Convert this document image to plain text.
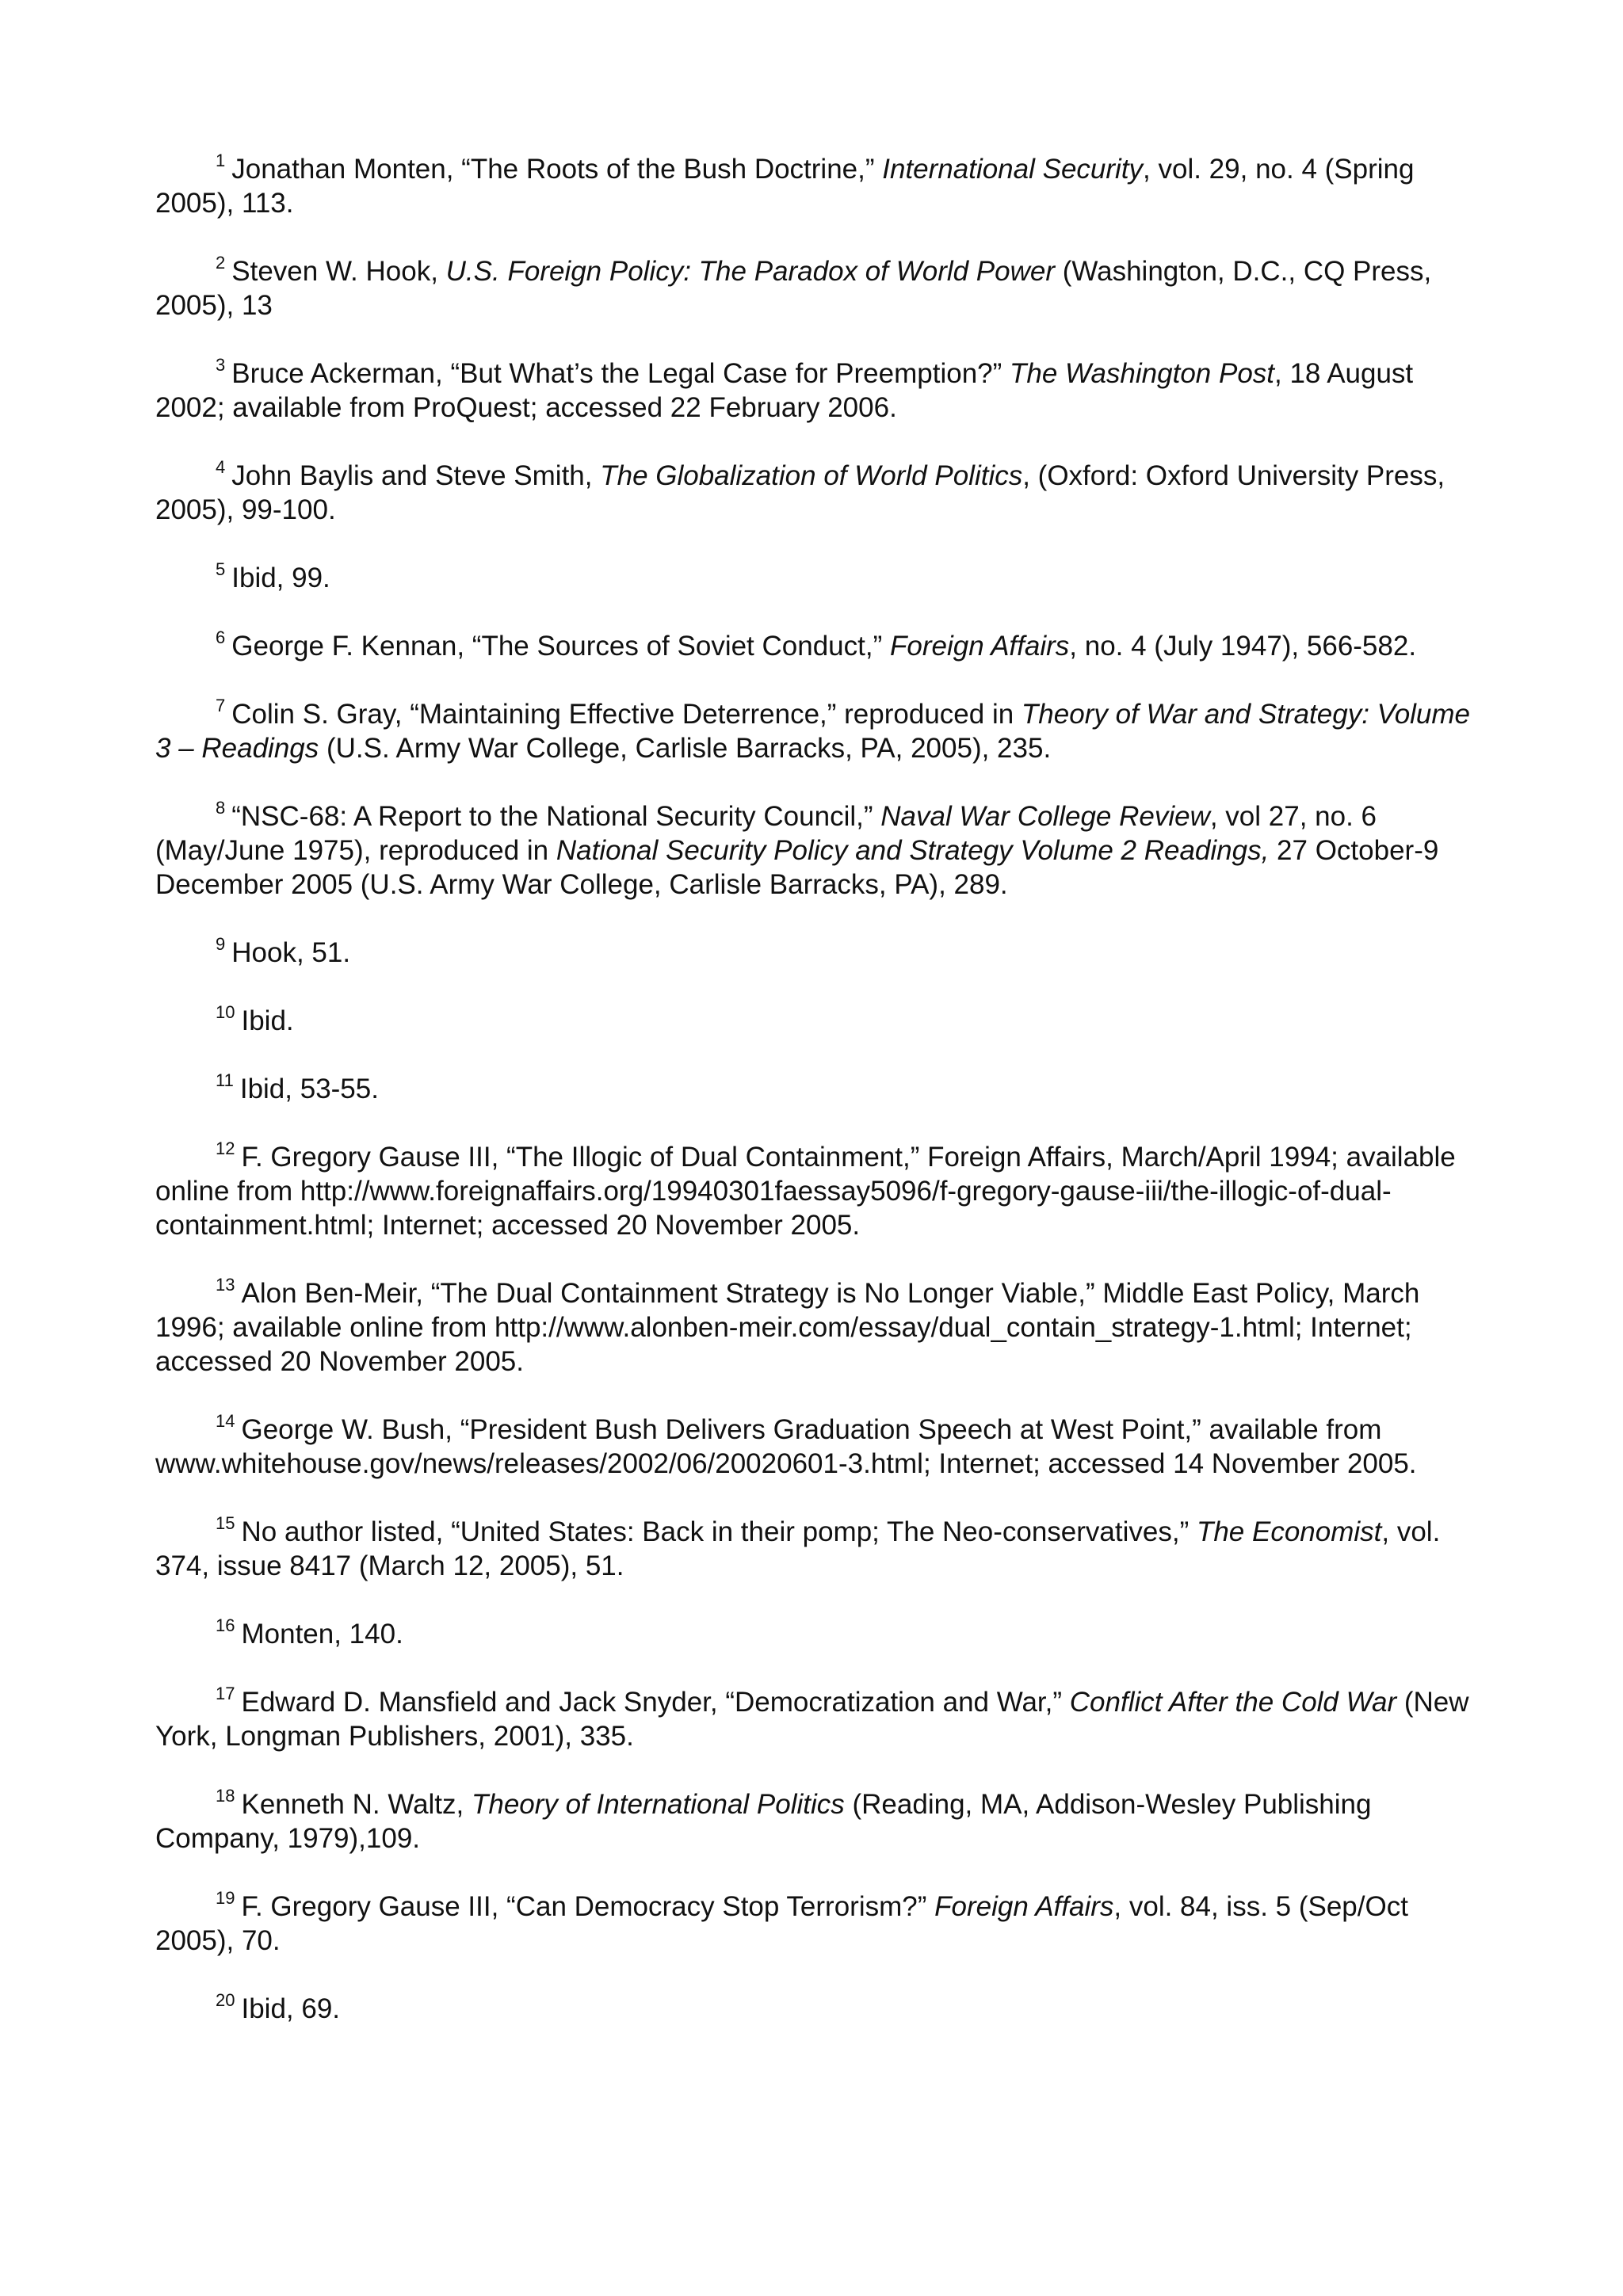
$^1$ Jonathan Monten, “The Roots of the Bush Doctrine,” International Security, vol. 29, no. 4 (Spring 2005), 113.

$^2$ Steven W. Hook, U.S. Foreign Policy: The Paradox of World Power (Washington, D.C., CQ Press, 2005), 13

$^3$ Bruce Ackerman, “But What’s the Legal Case for Preemption?” The Washington Post, 18 August 2002; available from ProQuest; accessed 22 February 2006.

$^4$ John Baylis and Steve Smith, The Globalization of World Politics, (Oxford: Oxford University Press, 2005), 99-100.

$^5$ Ibid, 99.

$^6$ George F. Kennan, “The Sources of Soviet Conduct,” Foreign Affairs, no. 4 (July 1947), 566-582.

$^7$ Colin S. Gray, “Maintaining Effective Deterrence,” reproduced in Theory of War and Strategy: Volume 3 – Readings (U.S. Army War College, Carlisle Barracks, PA, 2005), 235.

$^8$ “NSC-68: A Report to the National Security Council,” Naval War College Review, vol 27, no. 6 (May/June 1975), reproduced in National Security Policy and Strategy Volume 2 Readings, 27 October-9 December 2005 (U.S. Army War College, Carlisle Barracks, PA), 289.

$^9$ Hook, 51.

$^{10}$ Ibid.

$^{11}$ Ibid, 53-55.

$^{12}$ F. Gregory Gause III, “The Illogic of Dual Containment,” Foreign Affairs, March/April 1994; available online from http://www.foreignaffairs.org/19940301faessay5096/f-gregory-gause-iii/the-illogic-of-dual-containment.html; Internet; accessed 20 November 2005.

$^{13}$ Alon Ben-Meir, “The Dual Containment Strategy is No Longer Viable,” Middle East Policy, March 1996; available online from http://www.alonben-meir.com/essay/dual_contain_strategy-1.html; Internet; accessed 20 November 2005.

$^{14}$ George W. Bush, “President Bush Delivers Graduation Speech at West Point,” available from www.whitehouse.gov/news/releases/2002/06/20020601-3.html; Internet; accessed 14 November 2005.

$^{15}$ No author listed, “United States: Back in their pomp; The Neo-conservatives,” The Economist, vol. 374, issue 8417 (March 12, 2005), 51.

$^{16}$ Monten, 140.

$^{17}$ Edward D. Mansfield and Jack Snyder, “Democratization and War,” Conflict After the Cold War (New York, Longman Publishers, 2001), 335.

$^{18}$ Kenneth N. Waltz, Theory of International Politics (Reading, MA, Addison-Wesley Publishing Company, 1979),109.

$^{19}$ F. Gregory Gause III, “Can Democracy Stop Terrorism?” Foreign Affairs, vol. 84, iss. 5 (Sep/Oct 2005), 70.

$^{20}$ Ibid, 69.
